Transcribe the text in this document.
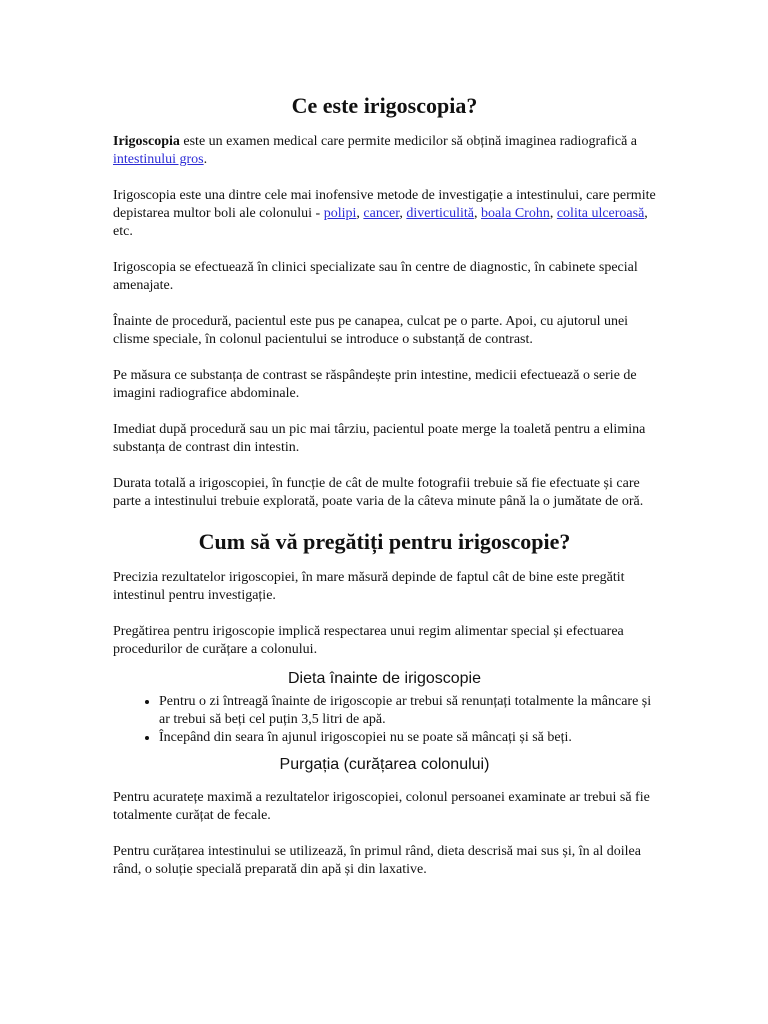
Ce este irigoscopia?

Irigoscopia este un examen medical care permite medicilor să obțină imaginea radiografică a intestinului gros.

Irigoscopia este una dintre cele mai inofensive metode de investigație a intestinului, care permite depistarea multor boli ale colonului - polipi, cancer, diverticulită, boala Crohn, colita ulceroasă, etc.

Irigoscopia se efectuează în clinici specializate sau în centre de diagnostic, în cabinete special amenajate.

Înainte de procedură, pacientul este pus pe canapea, culcat pe o parte. Apoi, cu ajutorul unei clisme speciale, în colonul pacientului se introduce o substanță de contrast.

Pe măsura ce substanța de contrast se răspândește prin intestine, medicii efectuează o serie de imagini radiografice abdominale.

Imediat după procedură sau un pic mai târziu, pacientul poate merge la toaletă pentru a elimina substanța de contrast din intestin.

Durata totală a irigoscopiei, în funcție de cât de multe fotografii trebuie să fie efectuate și care parte a intestinului trebuie explorată, poate varia de la câteva minute până la o jumătate de oră.

Cum să vă pregătiți pentru irigoscopie?

Precizia rezultatelor irigoscopiei, în mare măsură depinde de faptul cât de bine este pregătit intestinul pentru investigație.

Pregătirea pentru irigoscopie implică respectarea unui regim alimentar special și efectuarea procedurilor de curățare a colonului.

Dieta înainte de irigoscopie
• Pentru o zi întreagă înainte de irigoscopie ar trebui să renunțați totalmente la mâncare și ar trebui să beți cel puțin 3,5 litri de apă.
• Începând din seara în ajunul irigoscopiei nu se poate să mâncați și să beți.
Purgația (curățarea colonului)

Pentru acuratețe maximă a rezultatelor irigoscopiei, colonul persoanei examinate ar trebui să fie totalmente curățat de fecale.

Pentru curățarea intestinului se utilizează, în primul rând, dieta descrisă mai sus și, în al doilea rând, o soluție specială preparată din apă și din laxative.
